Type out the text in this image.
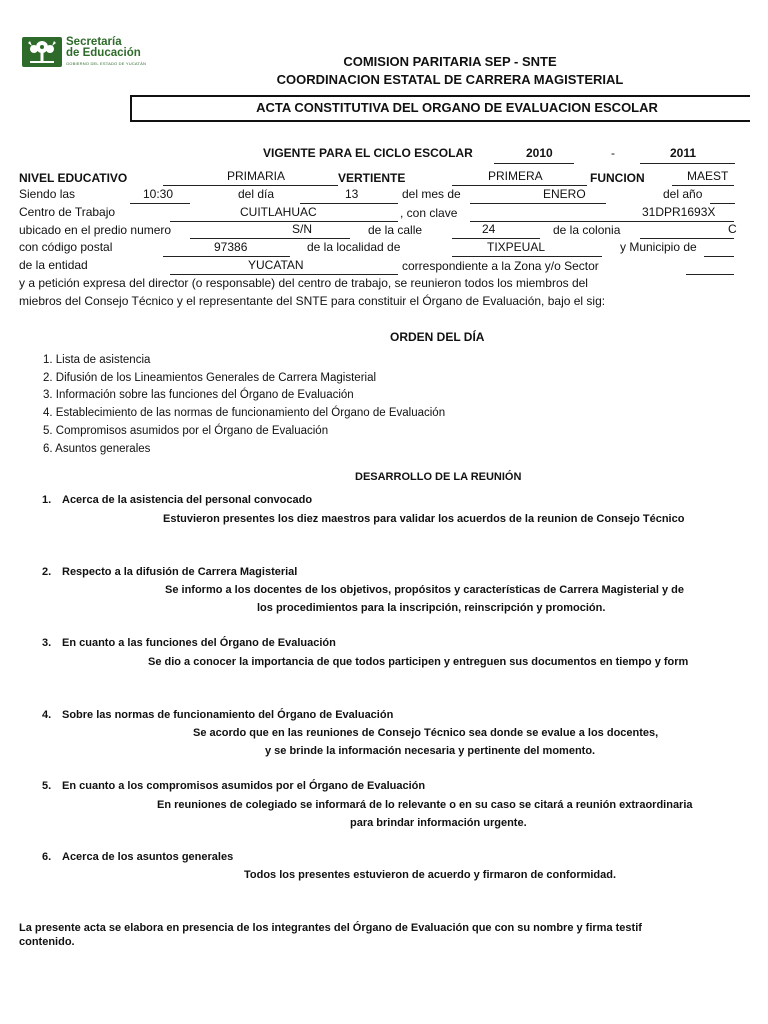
Secretaría
de Educación
GOBIERNO DEL ESTADO DE YUCATÁN	COMISION PARITARIA SEP - SNTE
COORDINACION ESTATAL DE CARRERA MAGISTERIAL
ACTA CONSTITUTIVA DEL ORGANO DE EVALUACION ESCOLAR
VIGENTE PARA EL CICLO ESCOLAR	2010	-	2011
NIVEL EDUCATIVO	PRIMARIA	VERTIENTE	PRIMERA	FUNCION	MAEST
Siendo las	10:30	del día	13	del mes de	ENERO	del año
Centro de Trabajo	CUITLAHUAC	, con clave	31DPR1693X
ubicado en el predio numero	S/N	de la calle	24	de la colonia	C
con código postal	97386	de la localidad de	TIXPEUAL	y Municipio de
de la entidad	YUCATAN	correspondiente a la Zona y/o Sector
y a petición expresa del director (o responsable) del centro de trabajo, se reunieron todos los miembros del
miebros del Consejo Técnico y el representante del SNTE para constituir el Órgano de Evaluación, bajo el sig:
ORDEN DEL DÍA
1. Lista de asistencia
2. Difusión de los Lineamientos Generales de Carrera Magisterial
3. Información sobre las funciones del Órgano de Evaluación
4. Establecimiento de las normas de funcionamiento del Órgano de Evaluación
5. Compromisos asumidos por el Órgano de Evaluación
6. Asuntos generales
DESARROLLO DE LA REUNIÓN
1. Acerca de la asistencia del personal convocado
Estuvieron presentes los diez maestros para validar los acuerdos de la reunion de Consejo Técnico
2. Respecto a la difusión de Carrera Magisterial
Se informo a los docentes de los objetivos, propósitos y características de Carrera Magisterial y de
los procedimientos para la inscripción, reinscripción y promoción.
3. En cuanto a las funciones del Órgano de Evaluación
Se dio a conocer la importancia de que todos participen y entreguen sus documentos en tiempo y form
4. Sobre las normas de funcionamiento del Órgano de Evaluación
Se acordo que en las reuniones de Consejo Técnico sea donde se evalue a los docentes,
y se brinde la información necesaria y pertinente del momento.
5. En cuanto a los compromisos asumidos por el Órgano de Evaluación
En reuniones de colegiado se informará de lo relevante o en su caso se citará a reunión extraordinaria
para brindar información urgente.
6. Acerca de los asuntos generales
Todos los presentes estuvieron de acuerdo y firmaron de conformidad.
La presente acta se elabora en presencia de los integrantes del Órgano de Evaluación que con su nombre y firma testif
contenido.
